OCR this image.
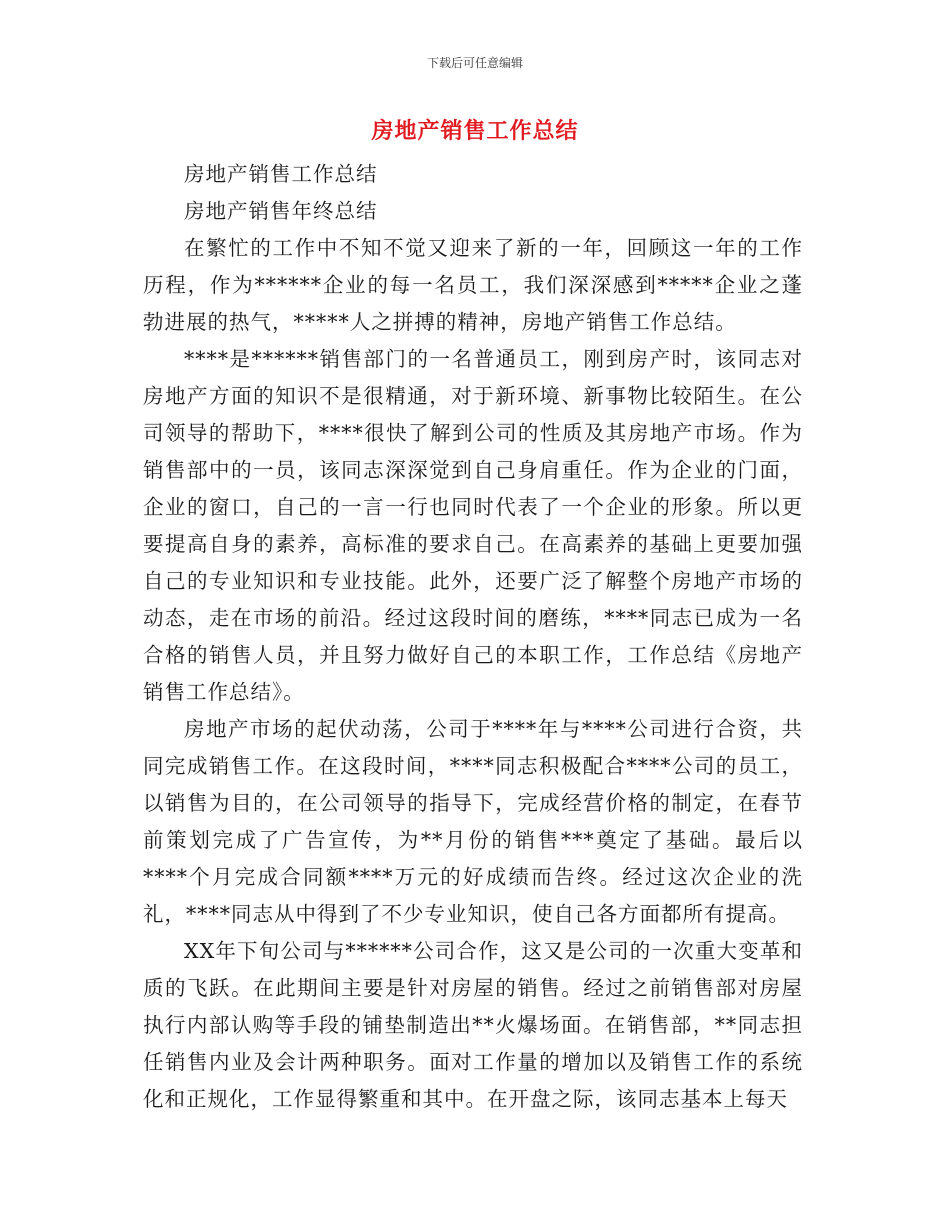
下载后可任意编辑
房地产销售工作总结

房地产销售工作总结

房地产销售年终总结

在繁忙的工作中不知不觉又迎来了新的一年，回顾这一年的工作历程，作为******企业的每一名员工，我们深深感到*****企业之蓬勃进展的热气，*****人之拼搏的精神，房地产销售工作总结。

****是******销售部门的一名普通员工，刚到房产时，该同志对房地产方面的知识不是很精通，对于新环境、新事物比较陌生。在公司领导的帮助下，****很快了解到公司的性质及其房地产市场。作为销售部中的一员，该同志深深觉到自己身肩重任。作为企业的门面，企业的窗口，自己的一言一行也同时代表了一个企业的形象。所以更要提高自身的素养，高标准的要求自己。在高素养的基础上更要加强自己的专业知识和专业技能。此外，还要广泛了解整个房地产市场的动态，走在市场的前沿。经过这段时间的磨练，****同志已成为一名合格的销售人员，并且努力做好自己的本职工作，工作总结《房地产销售工作总结》。

房地产市场的起伏动荡，公司于****年与****公司进行合资，共同完成销售工作。在这段时间，****同志积极配合****公司的员工，以销售为目的，在公司领导的指导下，完成经营价格的制定，在春节前策划完成了广告宣传，为**月份的销售***奠定了基础。最后以****个月完成合同额****万元的好成绩而告终。经过这次企业的洗礼，****同志从中得到了不少专业知识，使自己各方面都所有提高。

XX年下旬公司与******公司合作，这又是公司的一次重大变革和质的飞跃。在此期间主要是针对房屋的销售。经过之前销售部对房屋执行内部认购等手段的铺垫制造出**火爆场面。在销售部，**同志担任销售内业及会计两种职务。面对工作量的增加以及销售工作的系统化和正规化，工作显得繁重和其中。在开盘之际，该同志基本上每天
